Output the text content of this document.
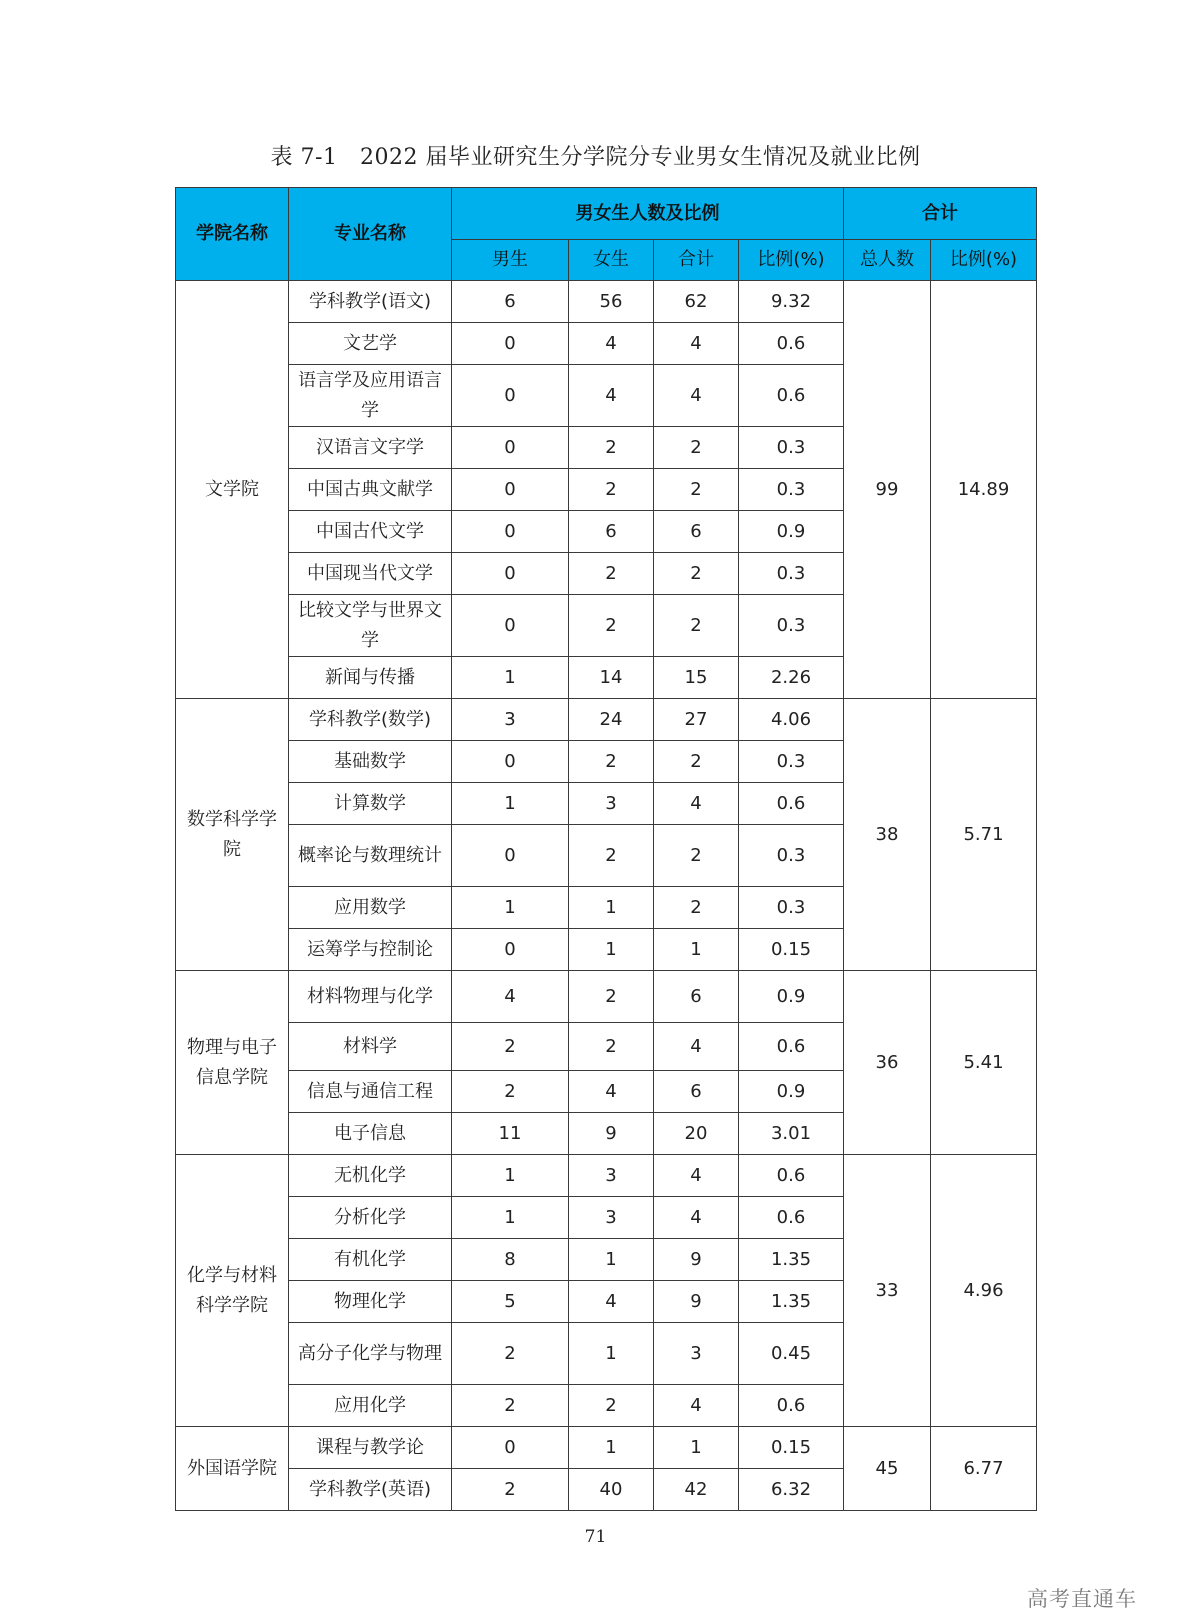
表 7-1　2022 届毕业研究生分学院分专业男女生情况及就业比例
学院名称	专业名称	男女生人数及比例				合计	
		男生	女生	合计	比例(%)	总人数	比例(%)
文学院	学科教学(语文)	6	56	62	9.32	99	14.89
	文艺学	0	4	4	0.6		
	语言学及应用语言学	0	4	4	0.6		
	汉语言文字学	0	2	2	0.3		
	中国古典文献学	0	2	2	0.3		
	中国古代文学	0	6	6	0.9		
	中国现当代文学	0	2	2	0.3		
	比较文学与世界文学	0	2	2	0.3		
	新闻与传播	1	14	15	2.26		
数学科学学院	学科教学(数学)	3	24	27	4.06	38	5.71
	基础数学	0	2	2	0.3		
	计算数学	1	3	4	0.6		
	概率论与数理统计	0	2	2	0.3		
	应用数学	1	1	2	0.3		
	运筹学与控制论	0	1	1	0.15		
物理与电子信息学院	材料物理与化学	4	2	6	0.9	36	5.41
	材料学	2	2	4	0.6		
	信息与通信工程	2	4	6	0.9		
	电子信息	11	9	20	3.01		
化学与材料科学学院	无机化学	1	3	4	0.6	33	4.96
	分析化学	1	3	4	0.6		
	有机化学	8	1	9	1.35		
	物理化学	5	4	9	1.35		
	高分子化学与物理	2	1	3	0.45		
	应用化学	2	2	4	0.6		
外国语学院	课程与教学论	0	1	1	0.15	45	6.77
	学科教学(英语)	2	40	42	6.32		
71
高考直通车
